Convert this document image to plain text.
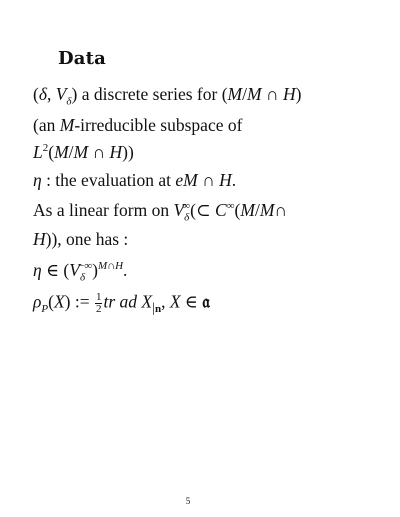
Data
(δ, $V_\delta$) a discrete series for (M/M ∩ H)
(an M-irreducible subspace of
$L^2(M/M$ ∩ H))
η : the evaluation at eM ∩ H.
As a linear form on $V_\delta^\infty(\subset$ C∞(M/M∩
H)), one has :
η ∈ $(V_\delta^{-\infty})^{M\cap H}$.
$\rho_P(X)$ := $\frac{1}{2}$ tr ad $X_{|n}$, X ∈ 𝔞
5
